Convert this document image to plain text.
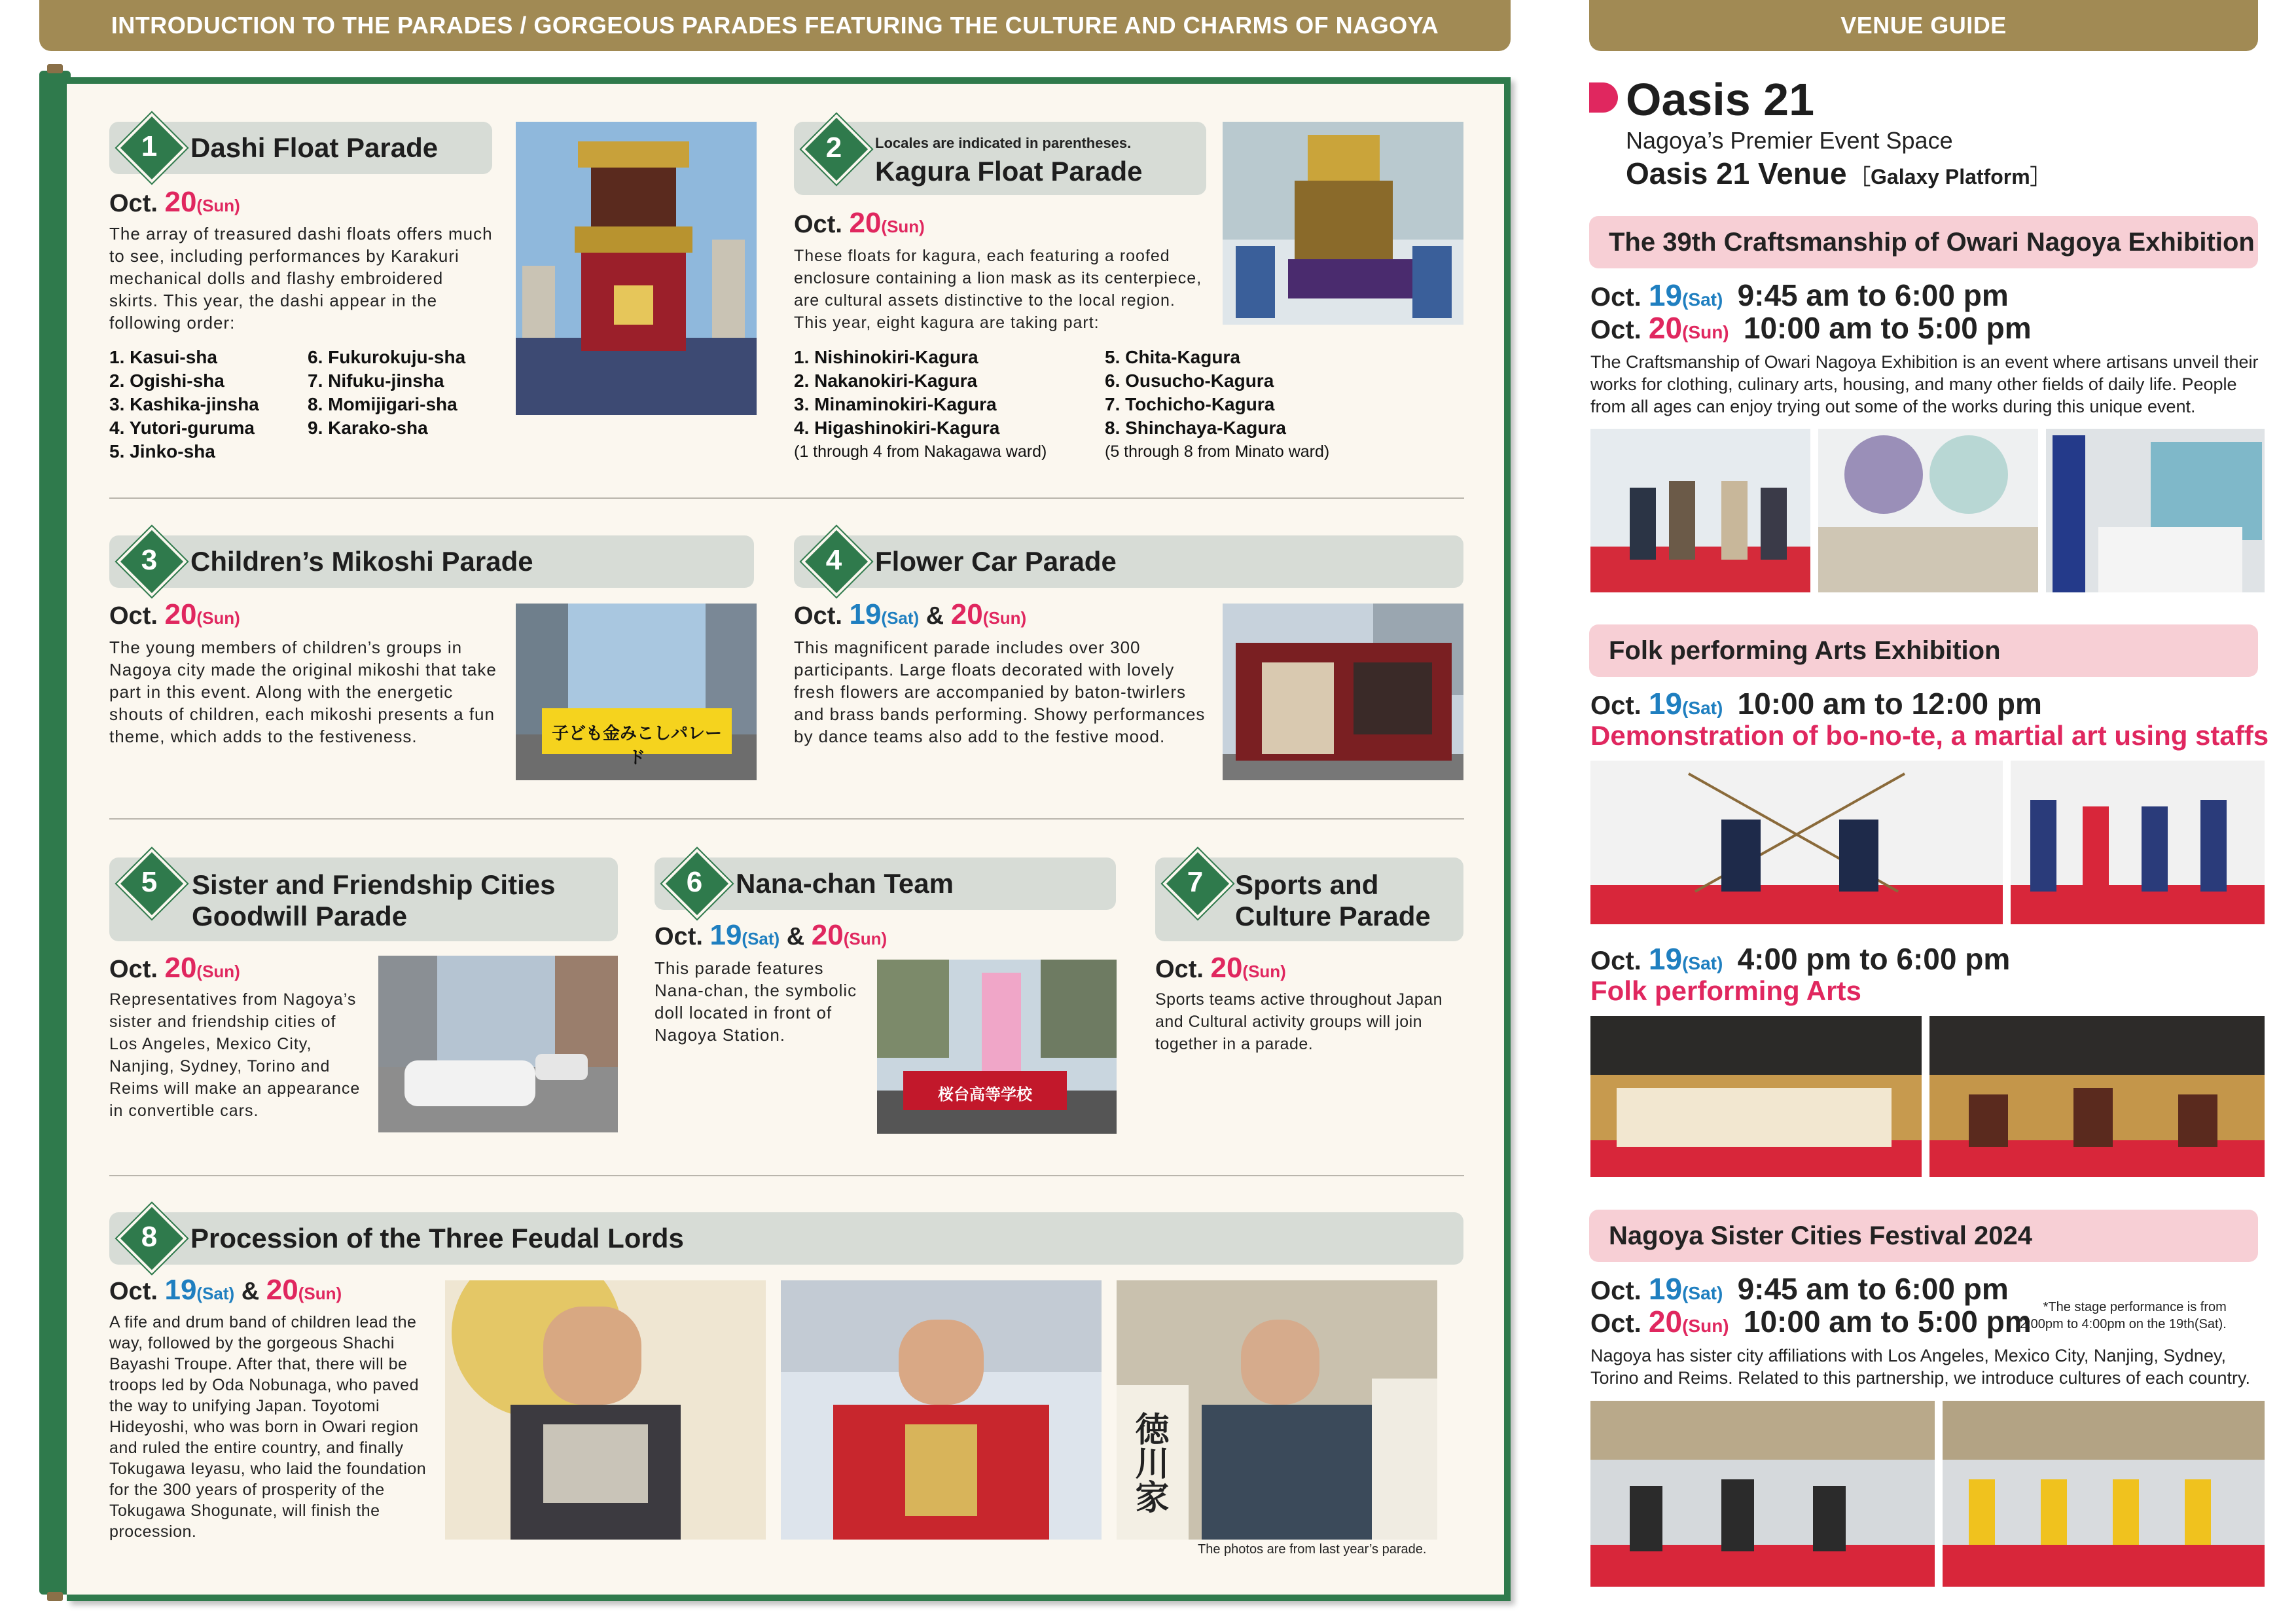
INTRODUCTION TO THE PARADES / GORGEOUS PARADES FEATURING THE CULTURE AND CHARMS OF NAGOYA	VENUE GUIDE
Dashi Float Parade
1
Oct. 20(Sun)
The array of treasured dashi floats offers much to see, including performances by Karakuri mechanical dolls and flashy embroidered skirts. This year, the dashi appear in the following order:
1. Kasui-sha
2. Ogishi-sha
3. Kashika-jinsha
4. Yutori-guruma
5. Jinko-sha
6. Fukurokuju-sha
7. Nifuku-jinsha
8. Momijigari-sha
9. Karako-sha
Locales are indicated in parentheses.
Kagura Float Parade
2
Oct. 20(Sun)
These floats for kagura, each featuring a roofed enclosure containing a lion mask as its centerpiece, are cultural assets distinctive to the local region. This year, eight kagura are taking part:
1. Nishinokiri-Kagura
2. Nakanokiri-Kagura
3. Minaminokiri-Kagura
4. Higashinokiri-Kagura
(1 through 4 from Nakagawa ward)
5. Chita-Kagura
6. Ousucho-Kagura
7. Tochicho-Kagura
8. Shinchaya-Kagura
(5 through 8 from Minato ward)
Children’s Mikoshi Parade
3
Oct. 20(Sun)
The young members of children’s groups in Nagoya city made the original mikoshi that take part in this event. Along with the energetic shouts of children, each mikoshi presents a fun theme, which adds to the festiveness.	子ども金みこしパレード
Flower Car Parade
4
Oct. 19(Sat) & 20(Sun)
This magnificent parade includes over 300 participants. Large floats decorated with lovely fresh flowers are accompanied by baton-twirlers and brass bands performing. Showy performances by dance teams also add to the festive mood.
Sister and Friendship Cities
Goodwill Parade
5
Oct. 20(Sun)
Representatives from Nagoya’s sister and friendship cities of Los Angeles, Mexico City, Nanjing, Sydney, Torino and Reims will make an appearance in convertible cars.
Nana-chan Team
6
Oct. 19(Sat) & 20(Sun)
This parade features Nana-chan, the symbolic doll located in front of Nagoya Station.
桜台高等学校
Sports and
Culture Parade
7
Oct. 20(Sun)
Sports teams active throughout Japan and Cultural activity groups will join together in a parade.
Procession of the Three Feudal Lords
8
Oct. 19(Sat) & 20(Sun)
A fife and drum band of children lead the way, followed by the gorgeous Shachi Bayashi Troupe. After that, there will be troops led by Oda Nobunaga, who paved the way to unifying Japan. Toyotomi Hideyoshi, who was born in Owari region and ruled the entire country, and finally Tokugawa Ieyasu, who laid the foundation for the 300 years of prosperity of the Tokugawa Shogunate, will finish the procession.
徳川家
The photos are from last year’s parade.
Oasis 21
Nagoya’s Premier Event Space
Oasis 21 Venue ［Galaxy Platform］
The 39th Craftsmanship of Owari Nagoya Exhibition
Oct. 19(Sat) 9:45 am to 6:00 pm
Oct. 20(Sun) 10:00 am to 5:00 pm
The Craftsmanship of Owari Nagoya Exhibition is an event where artisans unveil their works for clothing, culinary arts, housing, and many other fields of daily life. People from all ages can enjoy trying out some of the works during this unique event.
Folk performing Arts Exhibition
Oct. 19(Sat) 10:00 am to 12:00 pm
Demonstration of bo-no-te, a martial art using staffs
Oct. 19(Sat) 4:00 pm to 6:00 pm
Folk performing Arts
Nagoya Sister Cities Festival 2024
Oct. 19(Sat) 9:45 am to 6:00 pm
Oct. 20(Sun) 10:00 am to 5:00 pm *The stage performance is from
2:00pm to 4:00pm on the 19th(Sat).
Nagoya has sister city affiliations with Los Angeles, Mexico City, Nanjing, Sydney, Torino and Reims. Related to this partnership, we introduce cultures of each country.
